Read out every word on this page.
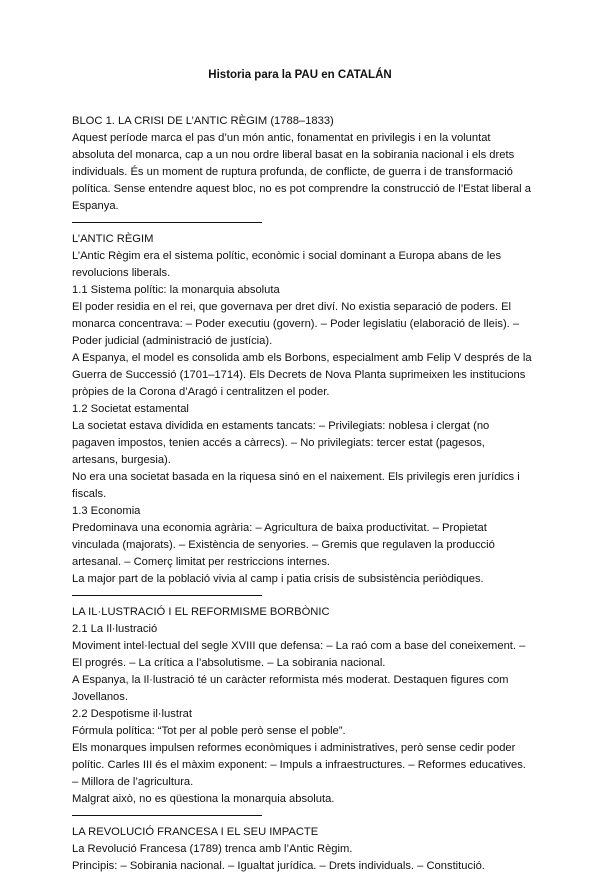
Historia para la PAU en CATALÁN

BLOC 1. LA CRISI DE L’ANTIC RÈGIM (1788–1833)

Aquest període marca el pas d’un món antic, fonamentat en privilegis i en la voluntat absoluta del monarca, cap a un nou ordre liberal basat en la sobirania nacional i els drets individuals. És un moment de ruptura profunda, de conflicte, de guerra i de transformació política. Sense entendre aquest bloc, no es pot comprendre la construcció de l’Estat liberal a Espanya.

L’ANTIC RÈGIM

L’Antic Règim era el sistema polític, econòmic i social dominant a Europa abans de les revolucions liberals.

1.1 Sistema polític: la monarquia absoluta

El poder residia en el rei, que governava per dret diví. No existia separació de poders. El monarca concentrava: – Poder executiu (govern). – Poder legislatiu (elaboració de lleis). – Poder judicial (administració de justícia).

A Espanya, el model es consolida amb els Borbons, especialment amb Felip V després de la Guerra de Successió (1701–1714). Els Decrets de Nova Planta suprimeixen les institucions pròpies de la Corona d’Aragó i centralitzen el poder.

1.2 Societat estamental

La societat estava dividida en estaments tancats: – Privilegiats: noblesa i clergat (no pagaven impostos, tenien accés a càrrecs). – No privilegiats: tercer estat (pagesos, artesans, burgesia).

No era una societat basada en la riquesa sinó en el naixement. Els privilegis eren jurídics i fiscals.

1.3 Economia

Predominava una economia agrària: – Agricultura de baixa productivitat. – Propietat vinculada (majorats). – Existència de senyories. – Gremis que regulaven la producció artesanal. – Comerç limitat per restriccions internes.

La major part de la població vivia al camp i patia crisis de subsistència periòdiques.

LA IL·LUSTRACIÓ I EL REFORMISME BORBÒNIC

2.1 La Il·lustració

Moviment intel·lectual del segle XVIII que defensa: – La raó com a base del coneixement. – El progrés. – La crítica a l’absolutisme. – La sobirania nacional.

A Espanya, la Il·lustració té un caràcter reformista més moderat. Destaquen figures com Jovellanos.

2.2 Despotisme il·lustrat

Fórmula política: “Tot per al poble però sense el poble”.

Els monarques impulsen reformes econòmiques i administratives, però sense cedir poder polític. Carles III és el màxim exponent: – Impuls a infraestructures. – Reformes educatives. – Millora de l’agricultura.

Malgrat això, no es qüestiona la monarquia absoluta.

LA REVOLUCIÓ FRANCESA I EL SEU IMPACTE

La Revolució Francesa (1789) trenca amb l’Antic Règim.

Principis: – Sobirania nacional. – Igualtat jurídica. – Drets individuals. – Constitució.
